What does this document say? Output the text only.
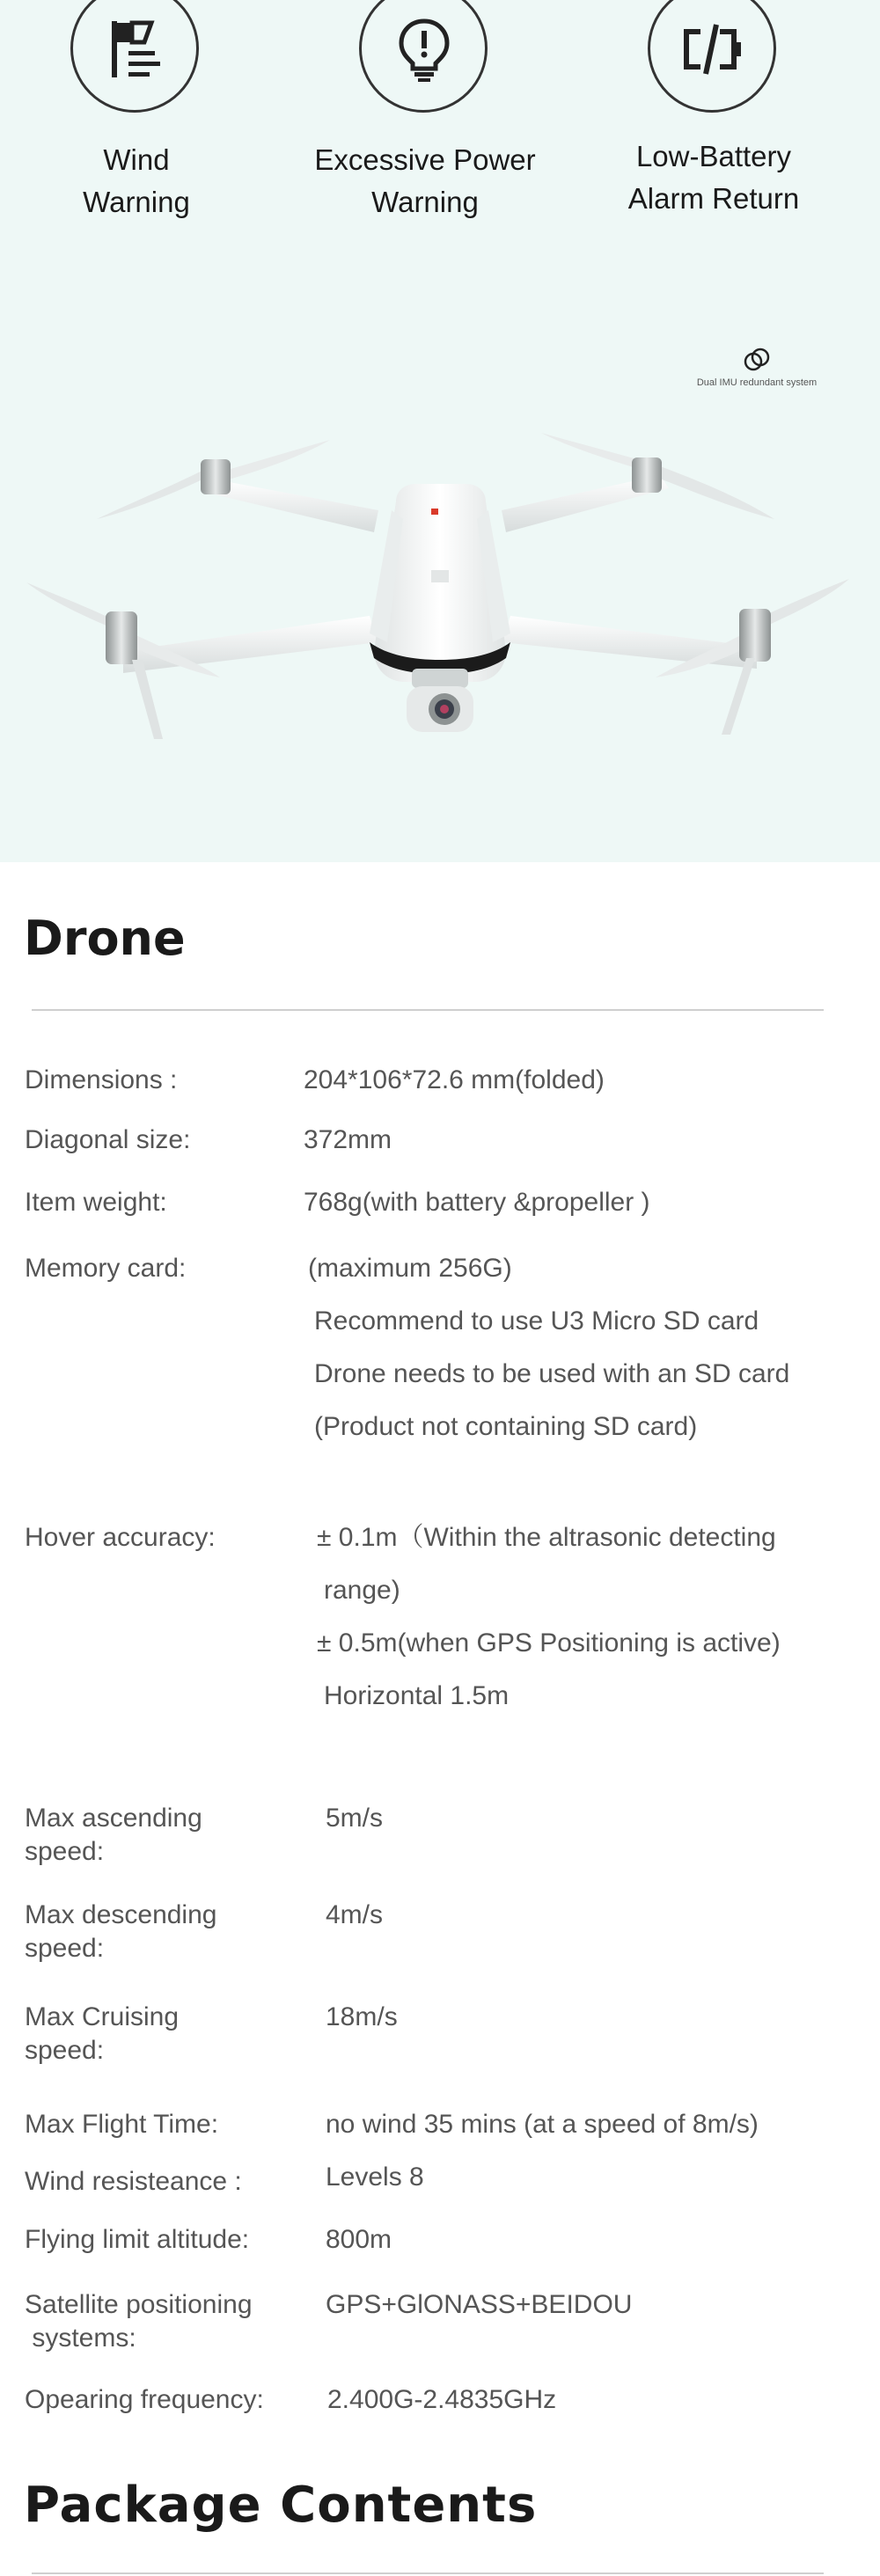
Wind
Warning
Excessive Power
Warning
Low-Battery
Alarm Return
Dual IMU redundant system
Drone
Dimensions :	204*106*72.6 mm(folded)
Diagonal size:	372mm
Item weight:	768g(with battery &propeller )
Memory card:	(maximum 256G)
Recommend to use U3 Micro SD card
Drone needs to be used with an SD card
(Product not containing SD card)
Hover accuracy:	± 0.1m（Within the altrasonic detecting
range)
± 0.5m(when GPS Positioning is active)
Horizontal 1.5m
Max ascending
speed:
5m/s
Max descending
speed:
4m/s
Max Cruising
speed:
18m/s
Max Flight Time:	no wind 35 mins (at a speed of 8m/s)
Wind resisteance :	Levels 8
Flying limit altitude:	800m
Satellite positioning
systems:
GPS+GlONASS+BEIDOU
Opearing frequency: 2.400G-2.4835GHz
Package Contents
